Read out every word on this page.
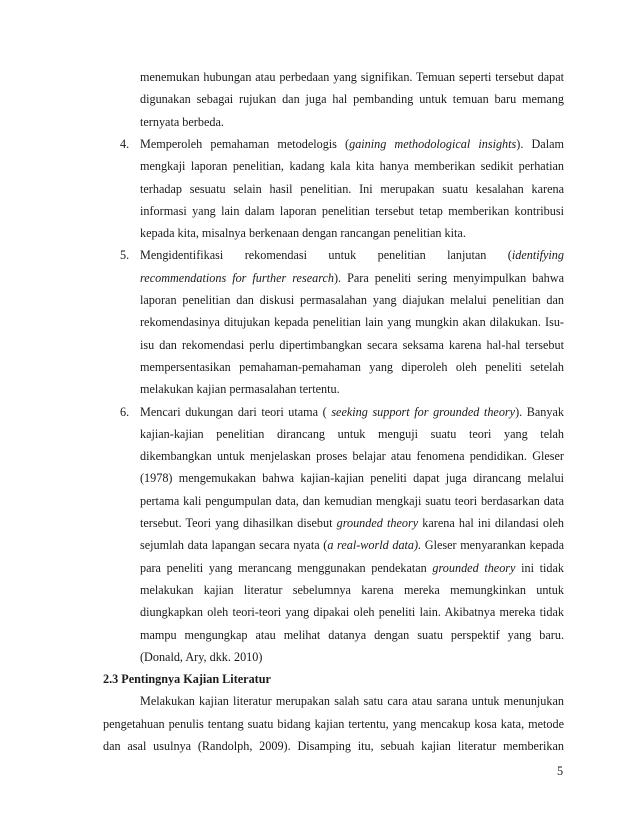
menemukan hubungan atau perbedaan yang signifikan. Temuan seperti tersebut dapat
digunakan sebagai rujukan dan juga hal pembanding untuk temuan baru memang
ternyata berbeda.
4. Memperoleh pemahaman metodelogis (gaining methodological insights). Dalam
mengkaji laporan penelitian, kadang kala kita hanya memberikan sedikit perhatian
terhadap sesuatu selain hasil penelitian. Ini merupakan suatu kesalahan karena
informasi yang lain dalam laporan penelitian tersebut tetap memberikan kontribusi
kepada kita, misalnya berkenaan dengan rancangan penelitian kita.
5. Mengidentifikasi rekomendasi untuk penelitian lanjutan (identifying
recommendations for further research). Para peneliti sering menyimpulkan bahwa
laporan penelitian dan diskusi permasalahan yang diajukan melalui penelitian dan
rekomendasinya ditujukan kepada penelitian lain yang mungkin akan dilakukan. Isu-
isu dan rekomendasi perlu dipertimbangkan secara seksama karena hal-hal tersebut
mempersentasikan pemahaman-pemahaman yang diperoleh oleh peneliti setelah
melakukan kajian permasalahan tertentu.
6. Mencari dukungan dari teori utama ( seeking support for grounded theory). Banyak
kajian-kajian penelitian dirancang untuk menguji suatu teori yang telah
dikembangkan untuk menjelaskan proses belajar atau fenomena pendidikan. Gleser
(1978) mengemukakan bahwa kajian-kajian peneliti dapat juga dirancang melalui
pertama kali pengumpulan data, dan kemudian mengkaji suatu teori berdasarkan data
tersebut. Teori yang dihasilkan disebut grounded theory karena hal ini dilandasi oleh
sejumlah data lapangan secara nyata (a real-world data). Gleser menyarankan kepada
para peneliti yang merancang menggunakan pendekatan grounded theory ini tidak
melakukan kajian literatur sebelumnya karena mereka memungkinkan untuk
diungkapkan oleh teori-teori yang dipakai oleh peneliti lain. Akibatnya mereka tidak
mampu mengungkap atau melihat datanya dengan suatu perspektif yang baru.
(Donald, Ary, dkk. 2010)
2.3 Pentingnya Kajian Literatur
Melakukan kajian literatur merupakan salah satu cara atau sarana untuk menunjukan
pengetahuan penulis tentang suatu bidang kajian tertentu, yang mencakup kosa kata, metode
dan asal usulnya (Randolph, 2009). Disamping itu, sebuah kajian literatur memberikan
5
